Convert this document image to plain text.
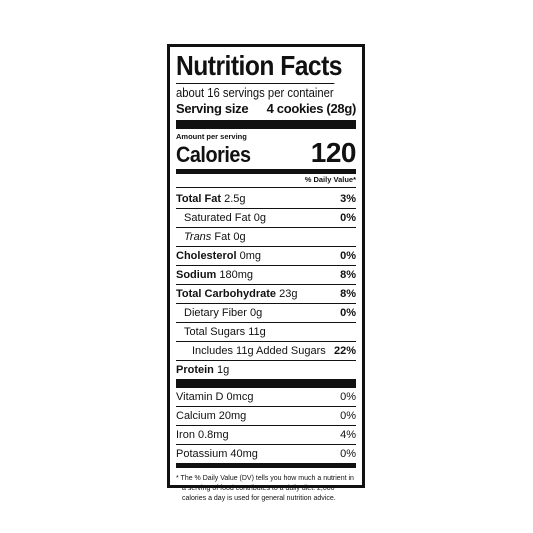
Nutrition Facts
about 16 servings per container
Serving size 4 cookies (28g)
Amount per serving
Calories 120
% Daily Value*
Total Fat 2.5g	3%
Saturated Fat 0g	0%
Trans Fat 0g
Cholesterol 0mg	0%
Sodium 180mg	8%
Total Carbohydrate 23g	8%
Dietary Fiber 0g	0%
Total Sugars 11g
Includes 11g Added Sugars 22%
Protein 1g
Vitamin D 0mcg	0%
Calcium 20mg	0%
Iron 0.8mg	4%
Potassium 40mg	0%
* The % Daily Value (DV) tells you how much a nutrient in a serving of food contributes to a daily diet. 2,000 calories a day is used for general nutrition advice.
